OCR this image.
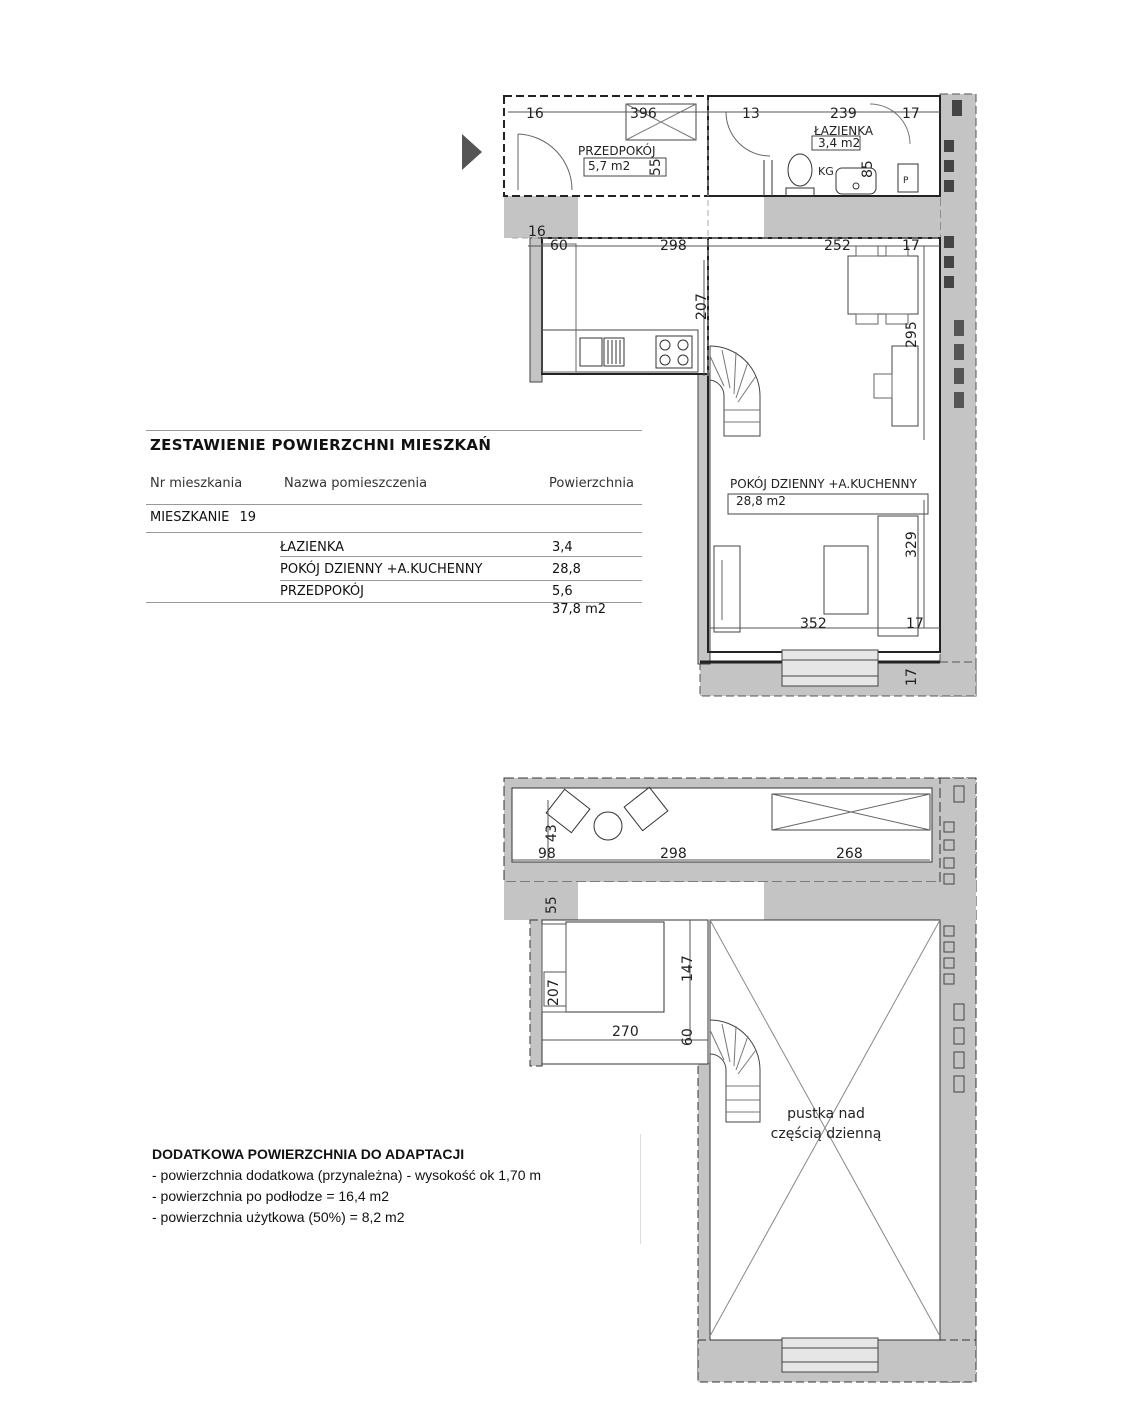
PRZEDPOKÓJ
5,7 m2
ŁAZIENKA
3,4 m2
POKÓJ DZIENNY +A.KUCHENNY
28,8 m2
KG
P
16	396	13	239	17
55	85
16
60	298	252	17
207
295
329
352	17
17
43
98	298	268
55
147
207
270	60
pustka nad
częścią dzienną
ZESTAWIENIE POWIERZCHNI MIESZKAŃ
Nr mieszkania	Nazwa pomieszczenia	Powierzchnia
MIESZKANIE 19
ŁAZIENKA	3,4
POKÓJ DZIENNY +A.KUCHENNY	28,8
PRZEDPOKÓJ	5,6
37,8 m2
DODATKOWA POWIERZCHNIA DO ADAPTACJI
- powierzchnia dodatkowa (przynależna) - wysokość ok 1,70 m
- powierzchnia po podłodze = 16,4 m2
- powierzchnia użytkowa (50%) = 8,2 m2
